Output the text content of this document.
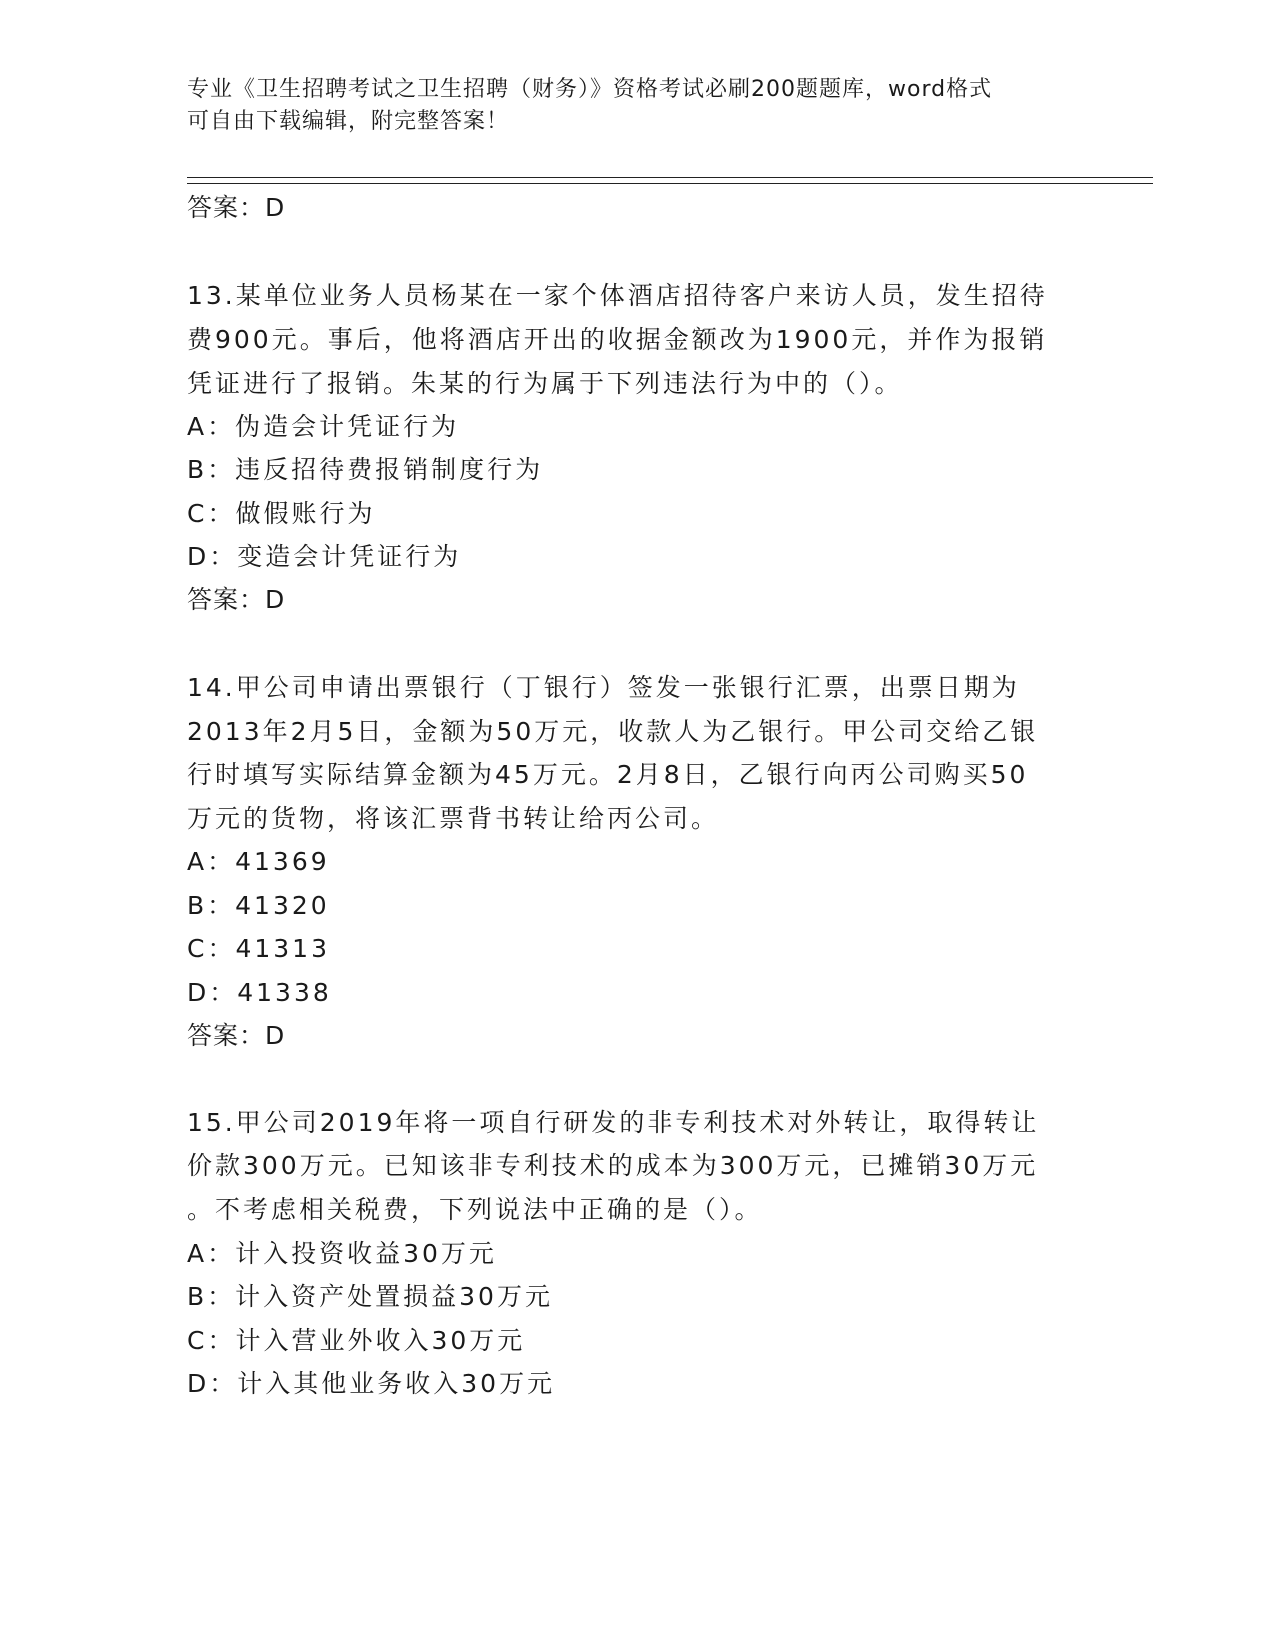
专业《卫生招聘考试之卫生招聘（财务）》资格考试必刷200题题库，word格式
可自由下载编辑，附完整答案！
答案：D
13.某单位业务人员杨某在一家个体酒店招待客户来访人员，发生招待
费900元。事后，他将酒店开出的收据金额改为1900元，并作为报销
凭证进行了报销。朱某的行为属于下列违法行为中的（）。
A：伪造会计凭证行为
B：违反招待费报销制度行为
C：做假账行为
D：变造会计凭证行为
答案：D
14.甲公司申请出票银行（丁银行）签发一张银行汇票，出票日期为
2013年2月5日，金额为50万元，收款人为乙银行。甲公司交给乙银
行时填写实际结算金额为45万元。2月8日，乙银行向丙公司购买50
万元的货物，将该汇票背书转让给丙公司。
A：41369
B：41320
C：41313
D：41338
答案：D
15.甲公司2019年将一项自行研发的非专利技术对外转让，取得转让
价款300万元。已知该非专利技术的成本为300万元，已摊销30万元
。不考虑相关税费，下列说法中正确的是（）。
A：计入投资收益30万元
B：计入资产处置损益30万元
C：计入营业外收入30万元
D：计入其他业务收入30万元
